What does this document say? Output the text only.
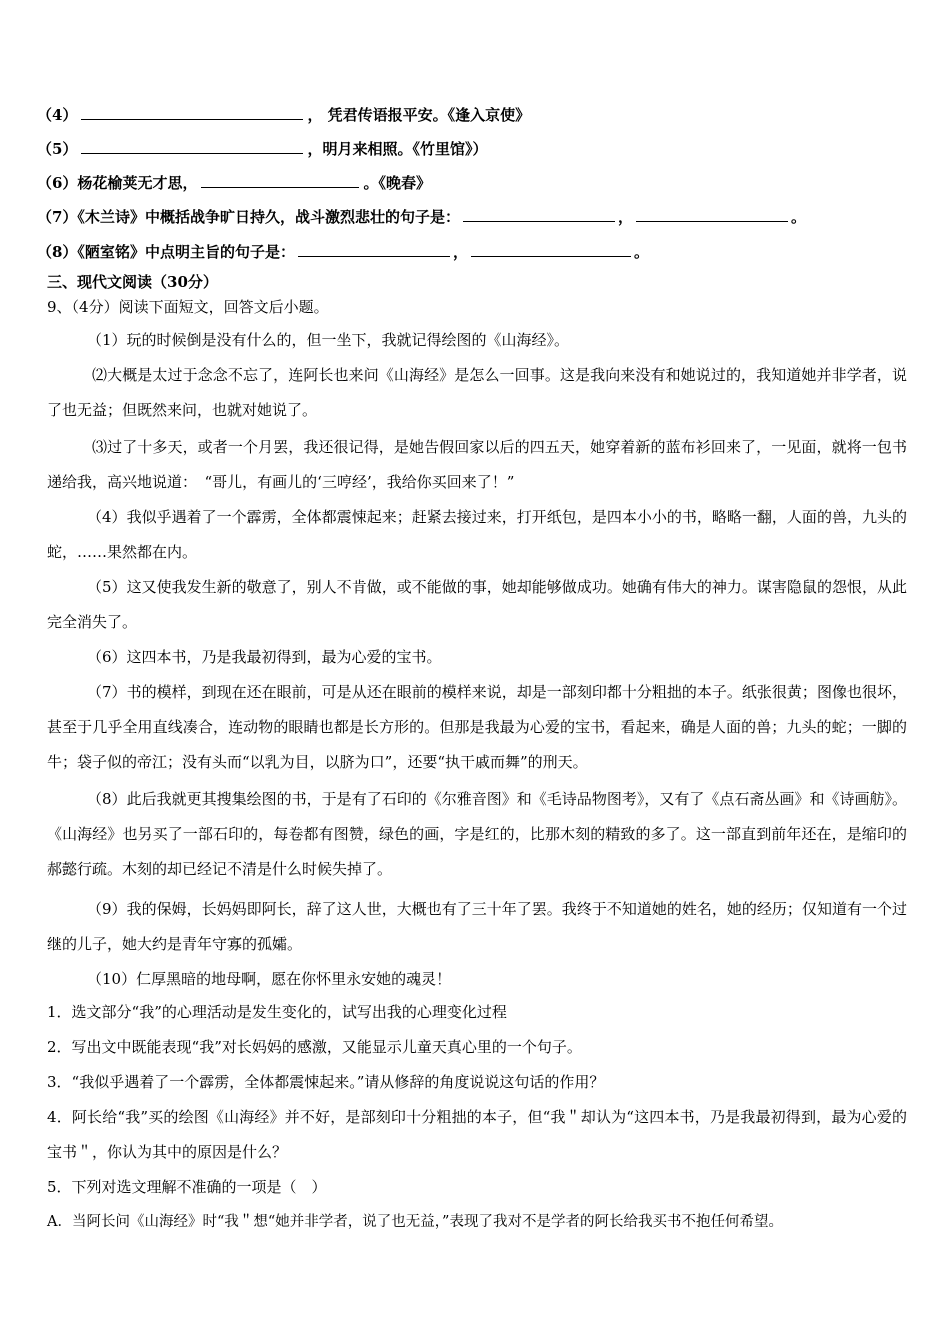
（4）	， 凭君传语报平安。《逢入京使》
（5）	，明月来相照。《竹里馆》）
（6）杨花榆荚无才思，	。《晚春》
（7）《木兰诗》中概括战争旷日持久，战斗激烈悲壮的句子是：	，	。
（8）《陋室铭》中点明主旨的句子是：	，	。
三、现代文阅读（30分）
9、（4分）阅读下面短文，回答文后小题。
（1）玩的时候倒是没有什么的，但一坐下，我就记得绘图的《山海经》。
⑵大概是太过于念念不忘了，连阿长也来问《山海经》是怎么一回事。这是我向来没有和她说过的，我知道她并非学者，说了也无益；但既然来问，也就对她说了。
⑶过了十多天，或者一个月罢，我还很记得，是她告假回家以后的四五天，她穿着新的蓝布衫回来了，一见面，就将一包书递给我，高兴地说道：　“哥儿，有画儿的‘三哼经’，我给你买回来了！”
（4）我似乎遇着了一个霹雳，全体都震悚起来；赶紧去接过来，打开纸包，是四本小小的书，略略一翻，人面的兽，九头的蛇，……果然都在内。
（5）这又使我发生新的敬意了，别人不肯做，或不能做的事，她却能够做成功。她确有伟大的神力。谋害隐鼠的怨恨，从此完全消失了。
（6）这四本书，乃是我最初得到，最为心爱的宝书。
（7）书的模样，到现在还在眼前，可是从还在眼前的模样来说，却是一部刻印都十分粗拙的本子。纸张很黄；图像也很坏，甚至于几乎全用直线凑合，连动物的眼睛也都是长方形的。但那是我最为心爱的宝书，看起来，确是人面的兽；九头的蛇；一脚的牛；袋子似的帝江；没有头而“以乳为目，以脐为口”，还要“执干戚而舞”的刑天。
（8）此后我就更其搜集绘图的书，于是有了石印的《尔雅音图》和《毛诗品物图考》，又有了《点石斋丛画》和《诗画舫》。《山海经》也另买了一部石印的，每卷都有图赞，绿色的画，字是红的，比那木刻的精致的多了。这一部直到前年还在，是缩印的郝懿行疏。木刻的却已经记不清是什么时候失掉了。
（9）我的保姆，长妈妈即阿长，辞了这人世，大概也有了三十年了罢。我终于不知道她的姓名，她的经历；仅知道有一个过继的儿子，她大约是青年守寡的孤孀。
（10）仁厚黑暗的地母啊，愿在你怀里永安她的魂灵！
1．选文部分“我”的心理活动是发生变化的，试写出我的心理变化过程
2．写出文中既能表现“我”对长妈妈的感激，又能显示儿童天真心里的一个句子。
3．“我似乎遇着了一个霹雳，全体都震悚起来。”请从修辞的角度说说这句话的作用？
4．阿长给“我”买的绘图《山海经》并不好，是部刻印十分粗拙的本子，但“我＂却认为“这四本书，乃是我最初得到，最为心爱的宝书＂，你认为其中的原因是什么？
5．下列对选文理解不准确的一项是（　）
A．当阿长问《山海经》时“我＂想“她并非学者，说了也无益，”表现了我对不是学者的阿长给我买书不抱任何希望。
